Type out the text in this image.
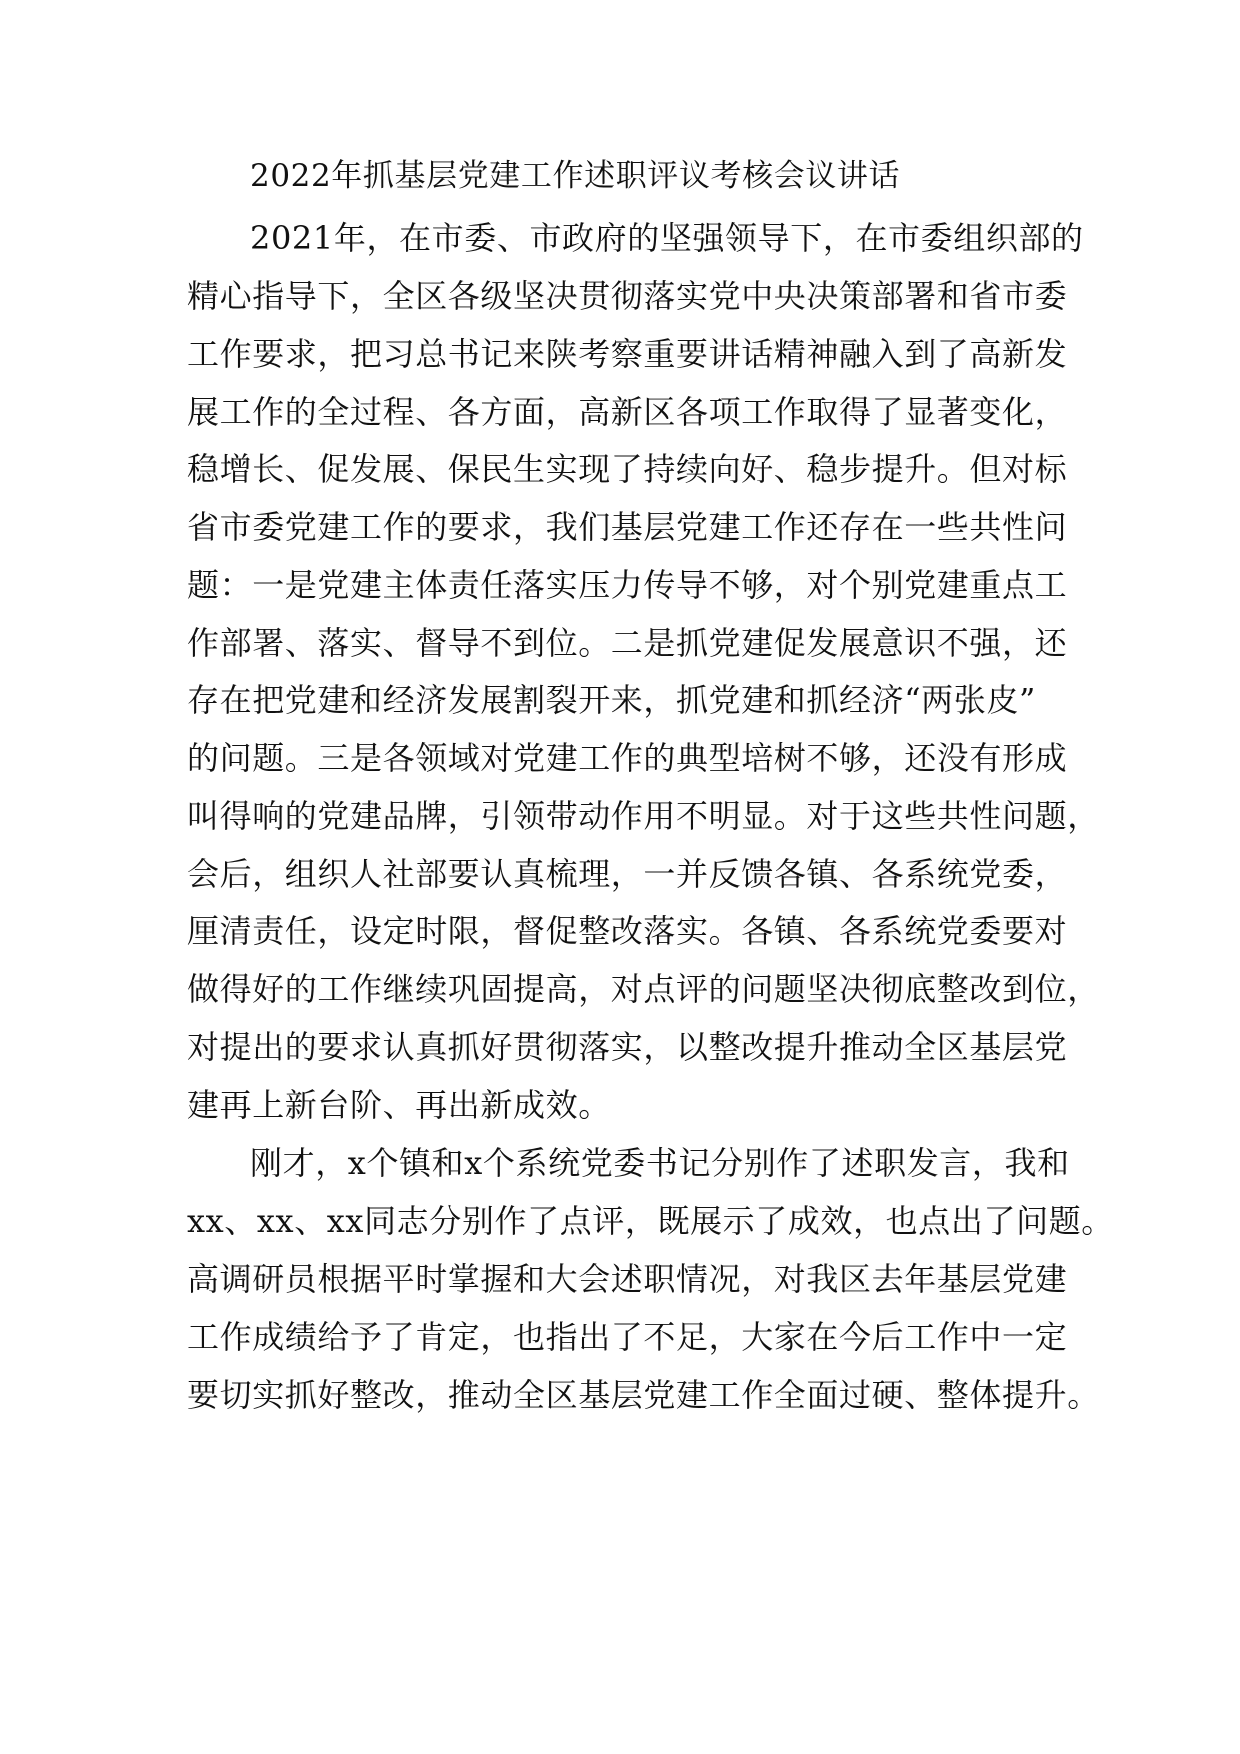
2022年抓基层党建工作述职评议考核会议讲话
2021年，在市委、市政府的坚强领导下，在市委组织部的
精心指导下，全区各级坚决贯彻落实党中央决策部署和省市委
工作要求，把习总书记来陕考察重要讲话精神融入到了高新发
展工作的全过程、各方面，高新区各项工作取得了显著变化，
稳增长、促发展、保民生实现了持续向好、稳步提升。但对标
省市委党建工作的要求，我们基层党建工作还存在一些共性问
题：一是党建主体责任落实压力传导不够，对个别党建重点工
作部署、落实、督导不到位。二是抓党建促发展意识不强，还
存在把党建和经济发展割裂开来，抓党建和抓经济“两张皮”
的问题。三是各领域对党建工作的典型培树不够，还没有形成
叫得响的党建品牌，引领带动作用不明显。对于这些共性问题，
会后，组织人社部要认真梳理，一并反馈各镇、各系统党委，
厘清责任，设定时限，督促整改落实。各镇、各系统党委要对
做得好的工作继续巩固提高，对点评的问题坚决彻底整改到位，
对提出的要求认真抓好贯彻落实，以整改提升推动全区基层党
建再上新台阶、再出新成效。
刚才，x个镇和x个系统党委书记分别作了述职发言，我和
xx、xx、xx同志分别作了点评，既展示了成效，也点出了问题。
高调研员根据平时掌握和大会述职情况，对我区去年基层党建
工作成绩给予了肯定，也指出了不足，大家在今后工作中一定
要切实抓好整改，推动全区基层党建工作全面过硬、整体提升。
